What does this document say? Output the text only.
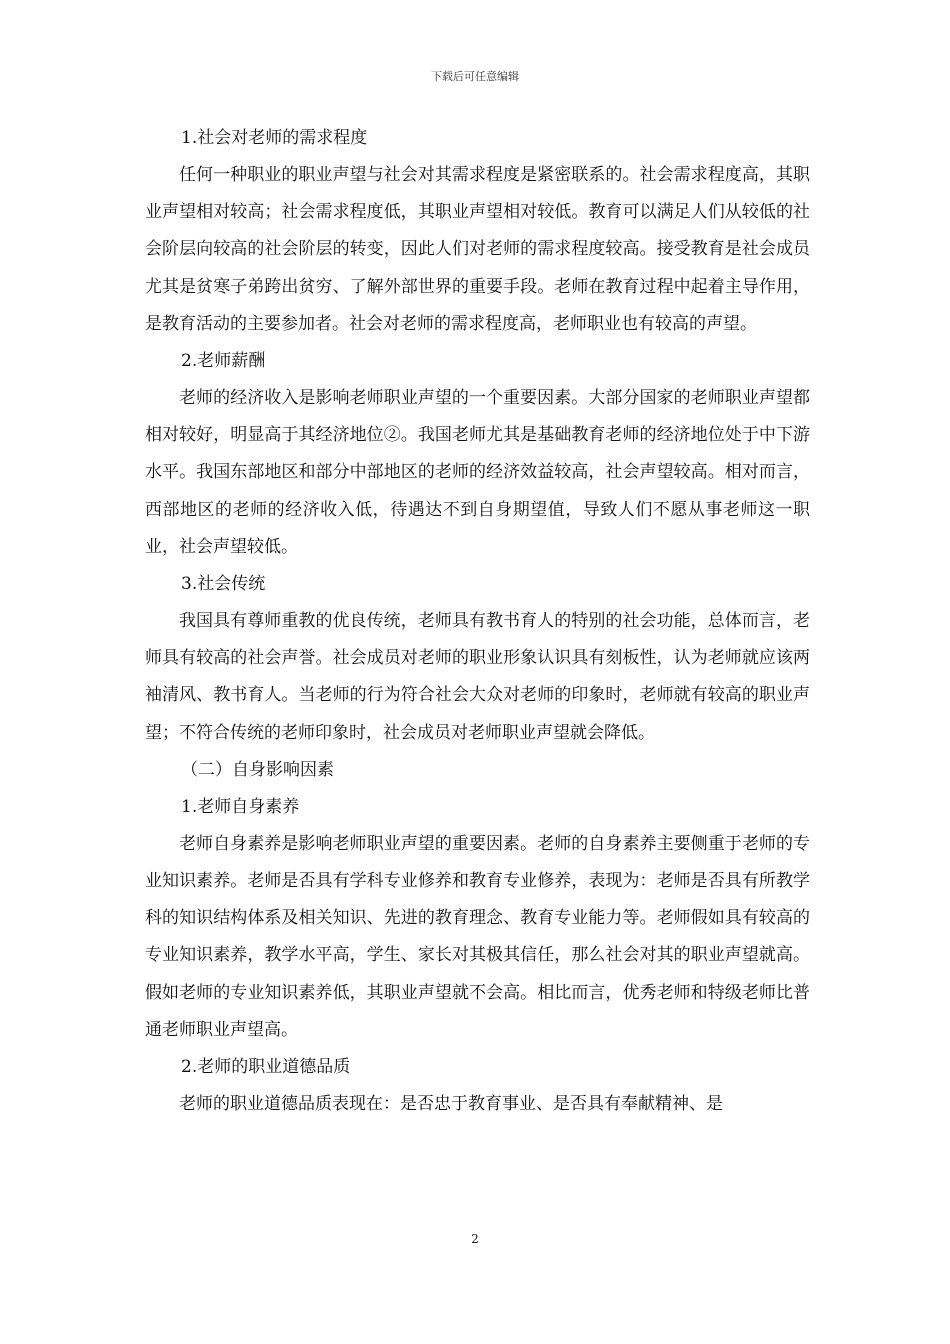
下载后可任意编辑
1.社会对老师的需求程度
任何一种职业的职业声望与社会对其需求程度是紧密联系的。社会需求程度高，其职业声望相对较高；社会需求程度低，其职业声望相对较低。教育可以满足人们从较低的社会阶层向较高的社会阶层的转变，因此人们对老师的需求程度较高。接受教育是社会成员尤其是贫寒子弟跨出贫穷、了解外部世界的重要手段。老师在教育过程中起着主导作用，是教育活动的主要参加者。社会对老师的需求程度高，老师职业也有较高的声望。
2.老师薪酬
老师的经济收入是影响老师职业声望的一个重要因素。大部分国家的老师职业声望都相对较好，明显高于其经济地位②。我国老师尤其是基础教育老师的经济地位处于中下游水平。我国东部地区和部分中部地区的老师的经济效益较高，社会声望较高。相对而言，西部地区的老师的经济收入低，待遇达不到自身期望值，导致人们不愿从事老师这一职业，社会声望较低。
3.社会传统
我国具有尊师重教的优良传统，老师具有教书育人的特别的社会功能，总体而言，老师具有较高的社会声誉。社会成员对老师的职业形象认识具有刻板性，认为老师就应该两袖清风、教书育人。当老师的行为符合社会大众对老师的印象时，老师就有较高的职业声望；不符合传统的老师印象时，社会成员对老师职业声望就会降低。
（二）自身影响因素
1.老师自身素养
老师自身素养是影响老师职业声望的重要因素。老师的自身素养主要侧重于老师的专业知识素养。老师是否具有学科专业修养和教育专业修养，表现为：老师是否具有所教学科的知识结构体系及相关知识、先进的教育理念、教育专业能力等。老师假如具有较高的专业知识素养，教学水平高，学生、家长对其极其信任，那么社会对其的职业声望就高。假如老师的专业知识素养低，其职业声望就不会高。相比而言，优秀老师和特级老师比普通老师职业声望高。
2.老师的职业道德品质
老师的职业道德品质表现在：是否忠于教育事业、是否具有奉献精神、是
2
